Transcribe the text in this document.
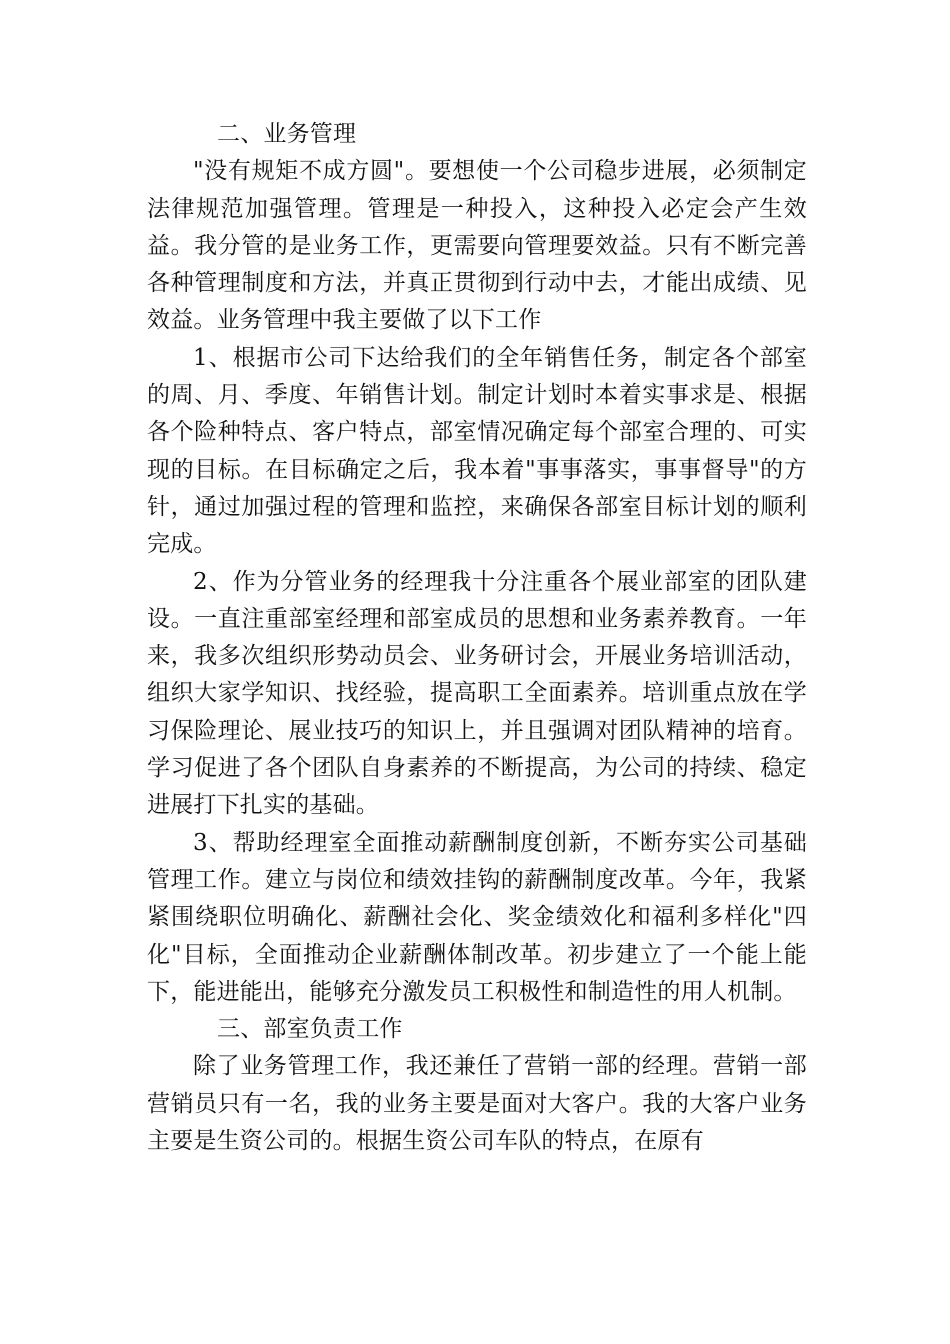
二、业务管理

"没有规矩不成方圆"。要想使一个公司稳步进展，必须制定法律规范加强管理。管理是一种投入，这种投入必定会产生效益。我分管的是业务工作，更需要向管理要效益。只有不断完善各种管理制度和方法，并真正贯彻到行动中去，才能出成绩、见效益。业务管理中我主要做了以下工作

1、根据市公司下达给我们的全年销售任务，制定各个部室的周、月、季度、年销售计划。制定计划时本着实事求是、根据各个险种特点、客户特点，部室情况确定每个部室合理的、可实现的目标。在目标确定之后，我本着"事事落实，事事督导"的方针，通过加强过程的管理和监控，来确保各部室目标计划的顺利完成。

2、作为分管业务的经理我十分注重各个展业部室的团队建设。一直注重部室经理和部室成员的思想和业务素养教育。一年来，我多次组织形势动员会、业务研讨会，开展业务培训活动，组织大家学知识、找经验，提高职工全面素养。培训重点放在学习保险理论、展业技巧的知识上，并且强调对团队精神的培育。学习促进了各个团队自身素养的不断提高，为公司的持续、稳定进展打下扎实的基础。

3、帮助经理室全面推动薪酬制度创新，不断夯实公司基础管理工作。建立与岗位和绩效挂钩的薪酬制度改革。今年，我紧紧围绕职位明确化、薪酬社会化、奖金绩效化和福利多样化"四化"目标，全面推动企业薪酬体制改革。初步建立了一个能上能下，能进能出，能够充分激发员工积极性和制造性的用人机制。

三、部室负责工作

除了业务管理工作，我还兼任了营销一部的经理。营销一部营销员只有一名，我的业务主要是面对大客户。我的大客户业务主要是生资公司的。根据生资公司车队的特点，在原有
